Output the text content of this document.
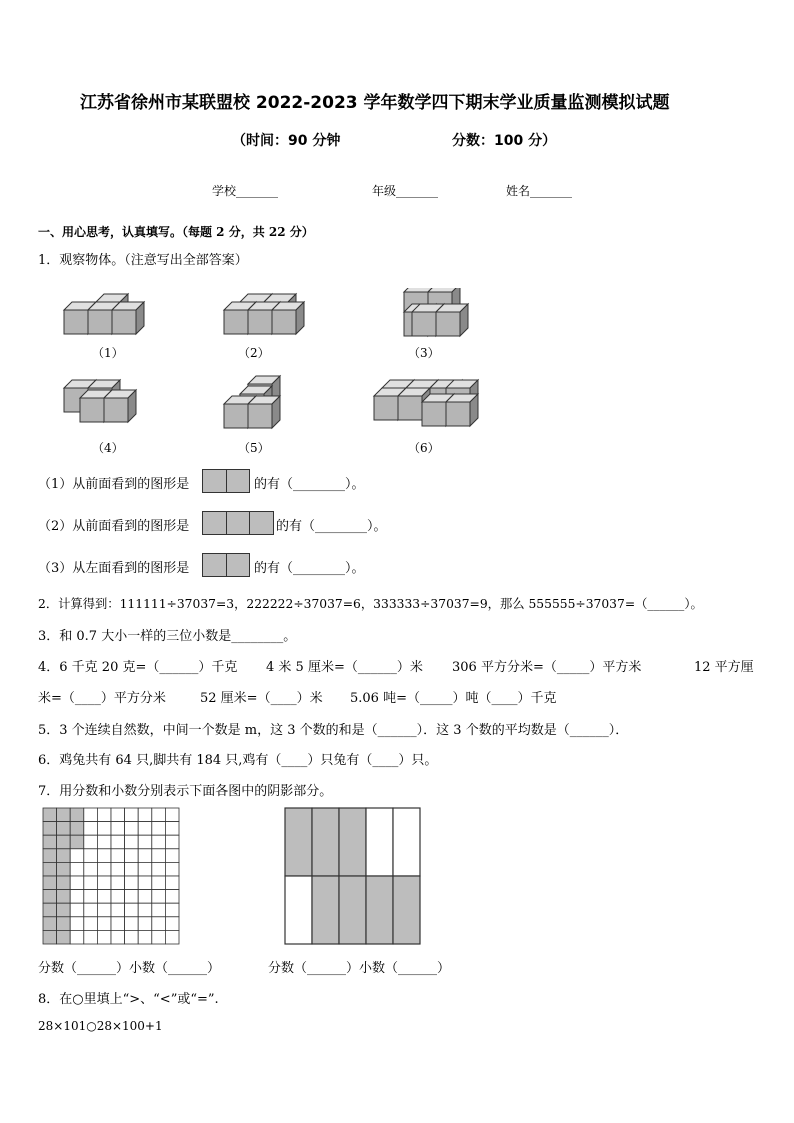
江苏省徐州市某联盟校 2022-2023 学年数学四下期末学业质量监测模拟试题
（时间：90 分钟	分数：100 分）
学校_______	年级_______	姓名_______
一、用心思考，认真填写。（每题 2 分，共 22 分）
1．观察物体。（注意写出全部答案）
（1）	（2）	（3）
（4）	（5）	（6）
（1）从前面看到的图形是	的有（________）。
（2）从前面看到的图形是	的有（________）。
（3）从左面看到的图形是	的有（________）。
2．计算得到：111111÷37037=3，222222÷37037=6，333333÷37037=9，那么 555555÷37037=（______）。
3．和 0.7 大小一样的三位小数是________。
4．6 千克 20 克=（______）千克 4 米 5 厘米=（______）米 306 平方分米=（_____）平方米	12 平方厘
米=（____）平方分米	52 厘米=（____）米 5.06 吨=（_____）吨（____）千克
5．3 个连续自然数，中间一个数是 m，这 3 个数的和是（______）．这 3 个数的平均数是（______）．
6．鸡兔共有 64 只,脚共有 184 只,鸡有（____）只兔有（____）只。
7．用分数和小数分别表示下面各图中的阴影部分。
分数（______）小数（______）	分数（______）小数（______）
8．在○里填上“>、“<”或“=”.
28×101○28×100+1
